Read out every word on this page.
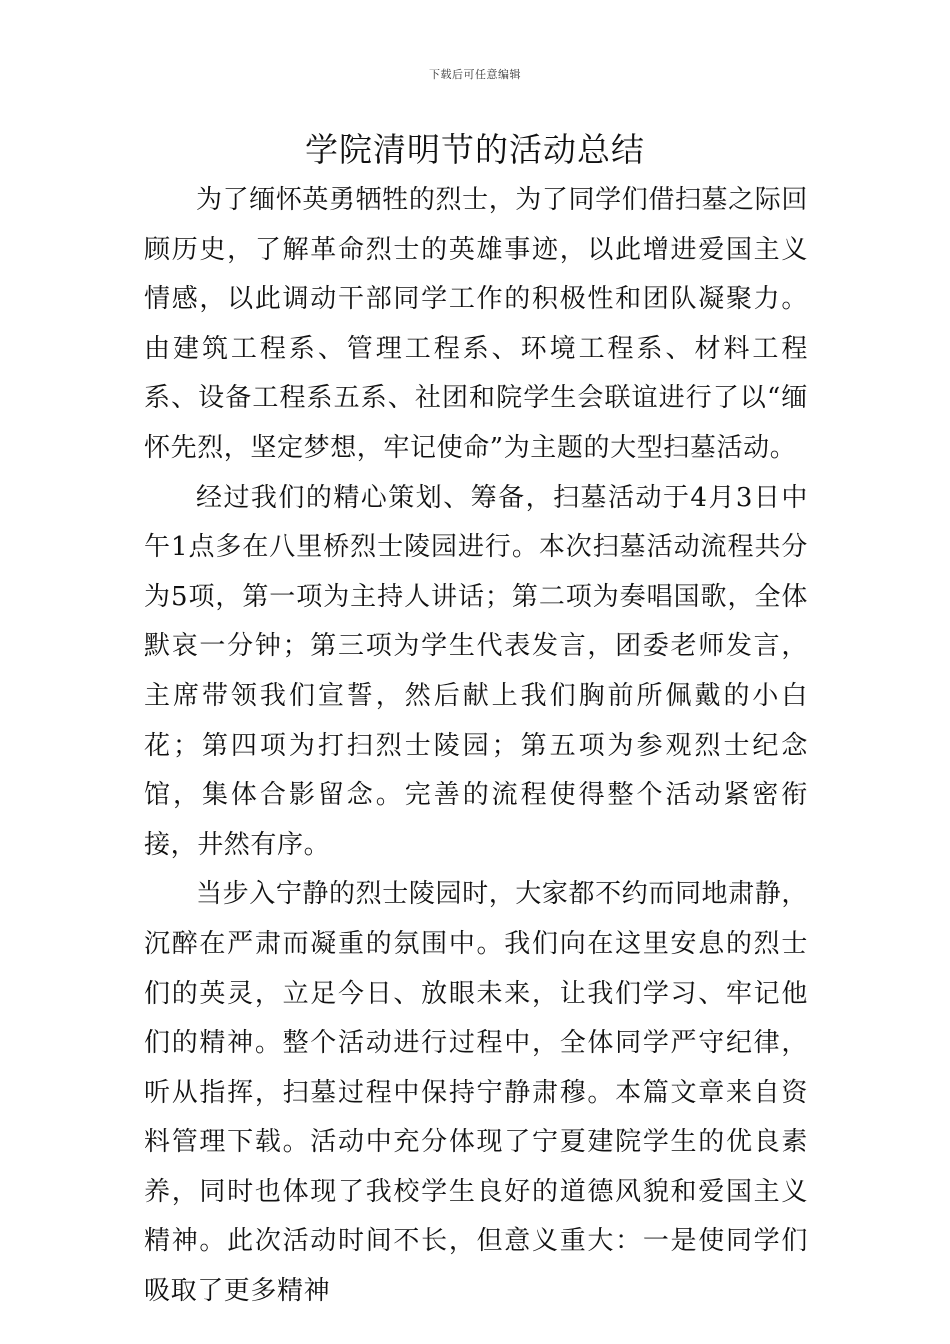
下载后可任意编辑
学院清明节的活动总结

为了缅怀英勇牺牲的烈士，为了同学们借扫墓之际回顾历史，了解革命烈士的英雄事迹，以此增进爱国主义情感，以此调动干部同学工作的积极性和团队凝聚力。由建筑工程系、管理工程系、环境工程系、材料工程系、设备工程系五系、社团和院学生会联谊进行了以“缅怀先烈，坚定梦想，牢记使命”为主题的大型扫墓活动。

经过我们的精心策划、筹备，扫墓活动于4月3日中午1点多在八里桥烈士陵园进行。本次扫墓活动流程共分为5项，第一项为主持人讲话；第二项为奏唱国歌，全体默哀一分钟；第三项为学生代表发言，团委老师发言，主席带领我们宣誓，然后献上我们胸前所佩戴的小白花；第四项为打扫烈士陵园；第五项为参观烈士纪念馆，集体合影留念。完善的流程使得整个活动紧密衔接，井然有序。

当步入宁静的烈士陵园时，大家都不约而同地肃静，沉醉在严肃而凝重的氛围中。我们向在这里安息的烈士们的英灵，立足今日、放眼未来，让我们学习、牢记他们的精神。整个活动进行过程中，全体同学严守纪律，听从指挥，扫墓过程中保持宁静肃穆。本篇文章来自资料管理下载。活动中充分体现了宁夏建院学生的优良素养，同时也体现了我校学生良好的道德风貌和爱国主义精神。此次活动时间不长，但意义重大：一是使同学们吸取了更多精神
